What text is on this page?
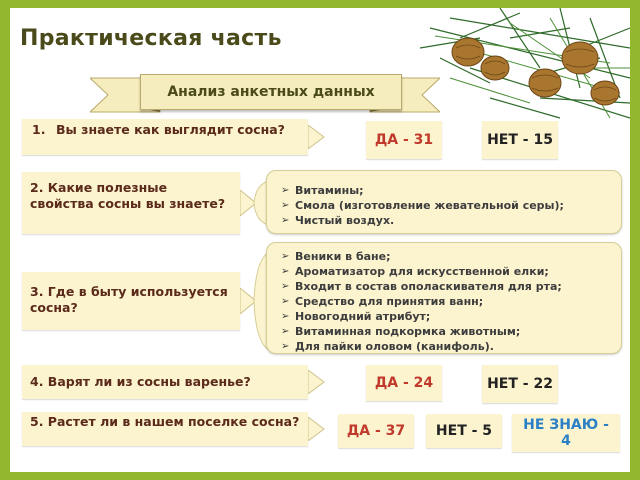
Практическая часть
Анализ анкетных данных
1. Вы знаете как выглядит сосна?
ДА - 31	НЕТ - 15
2. Какие полезные свойства сосны вы знаете?
➢ Витамины;
➢ Смола (изготовление жевательной серы);
➢ Чистый воздух.
3. Где в быту используется сосна?
➢ Веники в бане;
➢ Ароматизатор для искусственной елки;
➢ Входит в состав ополаскивателя для рта;
➢ Средство для принятия ванн;
➢ Новогодний атрибут;
➢ Витаминная подкормка животным;
➢ Для пайки оловом (канифоль).
4. Варят ли из сосны варенье?	ДА - 24	НЕТ - 22
5. Растет ли в нашем поселке сосна?
ДА - 37	НЕТ - 5	НЕ ЗНАЮ - 4
